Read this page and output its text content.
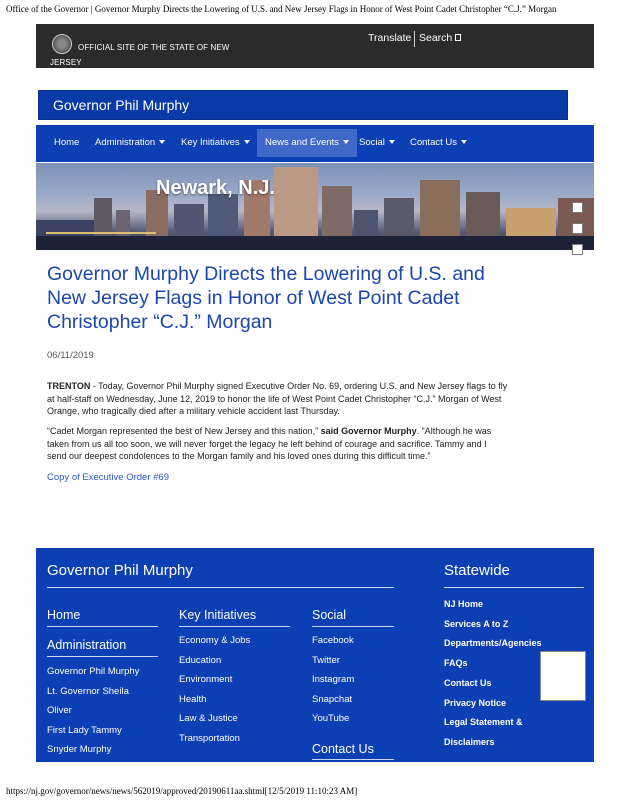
Office of the Governor | Governor Murphy Directs the Lowering of U.S. and New Jersey Flags in Honor of West Point Cadet Christopher “C.J.” Morgan
OFFICIAL SITE OF THE STATE OF NEW
JERSEY
Translate Search
Governor Phil Murphy
Home Administration	Key Initiatives	News and Events	Social	Contact Us
Newark, N.J.
Governor Murphy Directs the Lowering of U.S. and
New Jersey Flags in Honor of West Point Cadet
Christopher “C.J.” Morgan
06/11/2019
TRENTON - Today, Governor Phil Murphy signed Executive Order No. 69, ordering U.S. and New Jersey flags to fly
at half-staff on Wednesday, June 12, 2019 to honor the life of West Point Cadet Christopher “C.J.” Morgan of West
Orange, who tragically died after a military vehicle accident last Thursday.
“Cadet Morgan represented the best of New Jersey and this nation,” said Governor Murphy. “Although he was
taken from us all too soon, we will never forget the legacy he left behind of courage and sacrifice. Tammy and I
send our deepest condolences to the Morgan family and his loved ones during this difficult time.”
Copy of Executive Order #69
Governor Phil Murphy
Home
Administration
Governor Phil Murphy
Lt. Governor Sheila
Oliver
First Lady Tammy
Snyder Murphy
Key Initiatives
Economy & Jobs
Education
Environment
Health
Law & Justice
Transportation
Social
Facebook
Twitter
Instagram
Snapchat
YouTube
Contact Us
Statewide
NJ Home
Services A to Z
Departments/Agencies
FAQs
Contact Us
Privacy Notice
Legal Statement &
Disclaimers
https://nj.gov/governor/news/news/562019/approved/20190611aa.shtml[12/5/2019 11:10:23 AM]
